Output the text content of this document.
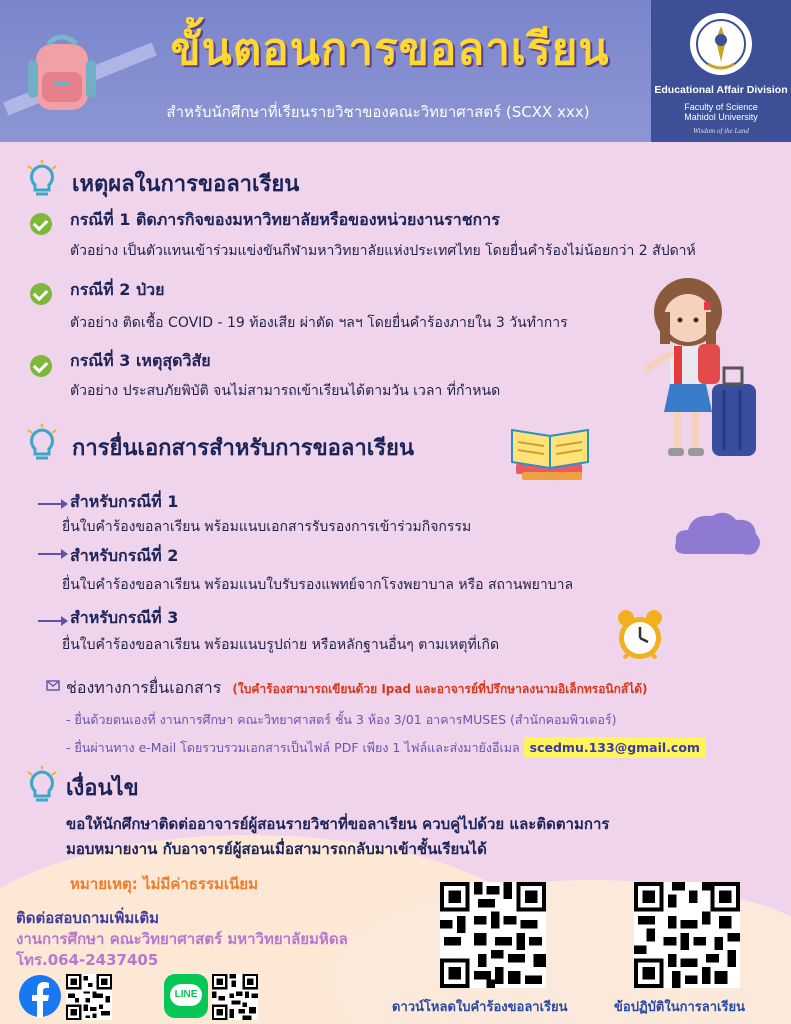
ขั้นตอนการขอลาเรียน
สำหรับนักศึกษาที่เรียนรายวิชาของคณะวิทยาศาสตร์ (SCXX xxx)
Educational Affair Division
Faculty of Science
Mahidol University
Wisdom of the Land
เหตุผลในการขอลาเรียน
กรณีที่ 1 ติดภารกิจของมหาวิทยาลัยหรือของหน่วยงานราชการ
ตัวอย่าง เป็นตัวแทนเข้าร่วมแข่งขันกีฬามหาวิทยาลัยแห่งประเทศไทย โดยยื่นคำร้องไม่น้อยกว่า 2 สัปดาห์
กรณีที่ 2 ป่วย
ตัวอย่าง ติดเชื้อ COVID - 19 ท้องเสีย ผ่าตัด ฯลฯ โดยยื่นคำร้องภายใน 3 วันทำการ
กรณีที่ 3 เหตุสุดวิสัย
ตัวอย่าง ประสบภัยพิบัติ จนไม่สามารถเข้าเรียนได้ตามวัน เวลา ที่กำหนด
การยื่นเอกสารสำหรับการขอลาเรียน
สำหรับกรณีที่ 1
ยื่นใบคำร้องขอลาเรียน พร้อมแนบเอกสารรับรองการเข้าร่วมกิจกรรม
สำหรับกรณีที่ 2
ยื่นใบคำร้องขอลาเรียน พร้อมแนบใบรับรองแพทย์จากโรงพยาบาล หรือ สถานพยาบาล
สำหรับกรณีที่ 3
ยื่นใบคำร้องขอลาเรียน พร้อมแนบรูปถ่าย หรือหลักฐานอื่นๆ ตามเหตุที่เกิด
ช่องทางการยื่นเอกสาร (ใบคำร้องสามารถเขียนด้วย Ipad และอาจารย์ที่ปรึกษาลงนามอิเล็กทรอนิกส์ได้)
- ยื่นด้วยตนเองที่ งานการศึกษา คณะวิทยาศาสตร์ ชั้น 3 ห้อง 3/01 อาคารMUSES (สำนักคอมพิวเตอร์)
- ยื่นผ่านทาง e-Mail โดยรวบรวมเอกสารเป็นไฟล์ PDF เพียง 1 ไฟล์และส่งมายังอีเมล scedmu.133@gmail.com
เงื่อนไข
ขอให้นักศึกษาติดต่ออาจารย์ผู้สอนรายวิชาที่ขอลาเรียน ควบคู่ไปด้วย และติดตามการ
มอบหมายงาน กับอาจารย์ผู้สอนเมื่อสามารถกลับมาเข้าชั้นเรียนได้
หมายเหตุ: ไม่มีค่าธรรมเนียม
ติดต่อสอบถามเพิ่มเติม
งานการศึกษา คณะวิทยาศาสตร์ มหาวิทยาลัยมหิดล
โทร.064-2437405
LINE
ดาวน์โหลดใบคำร้องขอลาเรียน	ข้อปฏิบัติในการลาเรียน
